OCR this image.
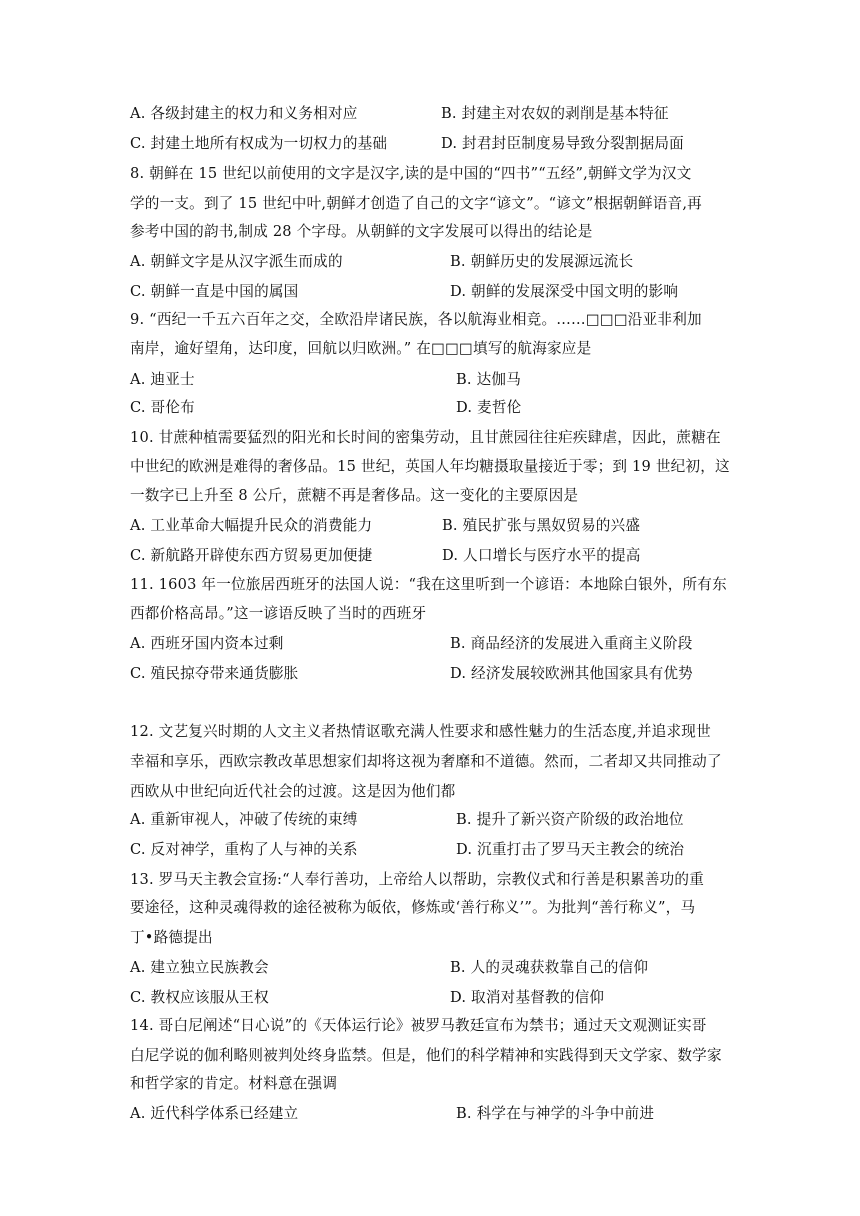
A. 各级封建主的权力和义务相对应	B. 封建主对农奴的剥削是基本特征
C. 封建土地所有权成为一切权力的基础	D. 封君封臣制度易导致分裂割据局面
8. 朝鲜在 15 世纪以前使用的文字是汉字,读的是中国的“四书”“五经”,朝鲜文学为汉文
学的一支。到了 15 世纪中叶,朝鲜才创造了自己的文字“谚文”。“谚文”根据朝鲜语音,再
参考中国的韵书,制成 28 个字母。从朝鲜的文字发展可以得出的结论是
A. 朝鲜文字是从汉字派生而成的	B. 朝鲜历史的发展源远流长
C. 朝鲜一直是中国的属国	D. 朝鲜的发展深受中国文明的影响
9. “西纪一千五六百年之交，全欧沿岸诸民族，各以航海业相竞。……□□□沿亚非利加
南岸，逾好望角，达印度，回航以归欧洲。” 在□□□填写的航海家应是
A. 迪亚士	B. 达伽马
C. 哥伦布	D. 麦哲伦
10. 甘蔗种植需要猛烈的阳光和长时间的密集劳动，且甘蔗园往往疟疾肆虐，因此，蔗糖在
中世纪的欧洲是难得的奢侈品。15 世纪，英国人年均糖摄取量接近于零；到 19 世纪初，这
一数字已上升至 8 公斤，蔗糖不再是奢侈品。这一变化的主要原因是
A. 工业革命大幅提升民众的消费能力	B. 殖民扩张与黑奴贸易的兴盛
C. 新航路开辟使东西方贸易更加便捷	D. 人口增长与医疗水平的提高
11. 1603 年一位旅居西班牙的法国人说：“我在这里听到一个谚语：本地除白银外，所有东
西都价格高昂。”这一谚语反映了当时的西班牙
A. 西班牙国内资本过剩	B. 商品经济的发展进入重商主义阶段
C. 殖民掠夺带来通货膨胀	D. 经济发展较欧洲其他国家具有优势
12. 文艺复兴时期的人文主义者热情讴歌充满人性要求和感性魅力的生活态度,并追求现世
幸福和享乐，西欧宗教改革思想家们却将这视为奢靡和不道德。然而，二者却又共同推动了
西欧从中世纪向近代社会的过渡。这是因为他们都
A. 重新审视人，冲破了传统的束缚	B. 提升了新兴资产阶级的政治地位
C. 反对神学，重构了人与神的关系	D. 沉重打击了罗马天主教会的统治
13. 罗马天主教会宣扬:“人奉行善功，上帝给人以帮助，宗教仪式和行善是积累善功的重
要途径，这种灵魂得救的途径被称为皈依，修炼或‘善行称义’”。为批判“善行称义”，马
丁•路德提出
A. 建立独立民族教会	B. 人的灵魂获救靠自己的信仰
C. 教权应该服从王权	D. 取消对基督教的信仰
14. 哥白尼阐述“日心说”的《天体运行论》被罗马教廷宣布为禁书；通过天文观测证实哥
白尼学说的伽利略则被判处终身监禁。但是，他们的科学精神和实践得到天文学家、数学家
和哲学家的肯定。材料意在强调
A. 近代科学体系已经建立	B. 科学在与神学的斗争中前进
